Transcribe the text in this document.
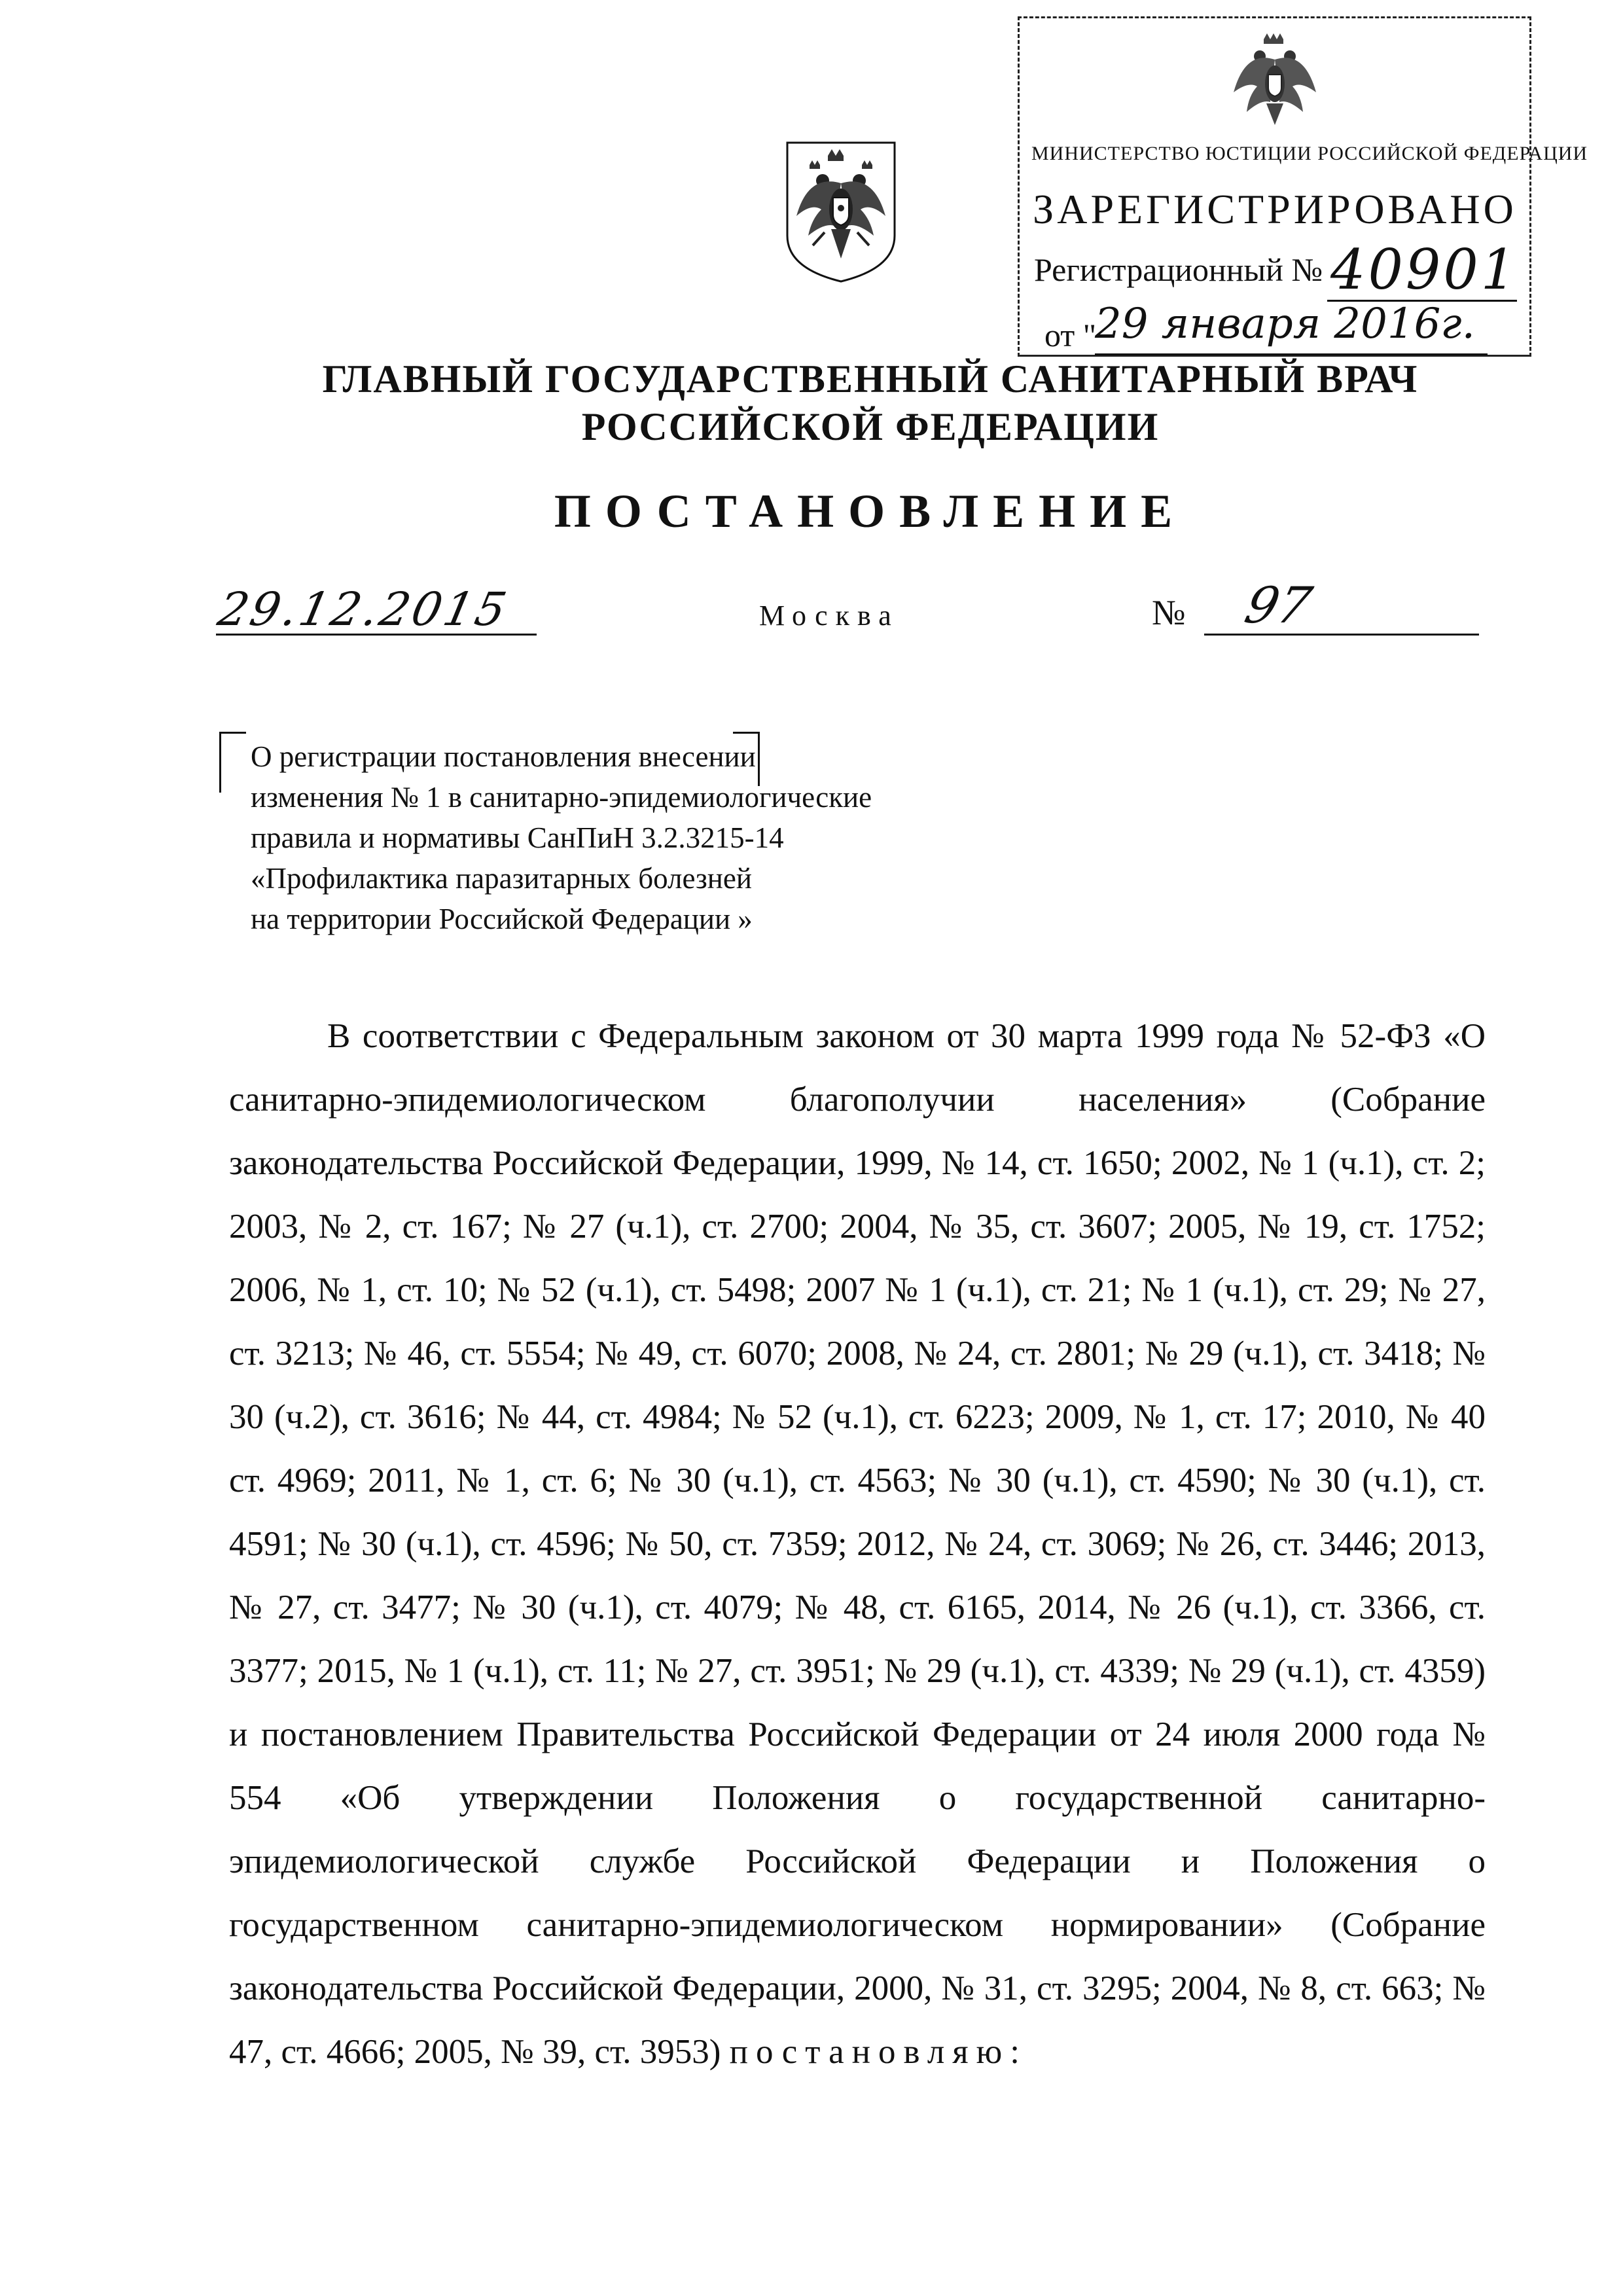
МИНИСТЕРСТВО ЮСТИЦИИ РОССИЙСКОЙ ФЕДЕРАЦИИ
ЗАРЕГИСТРИРОВАНО
Регистрационный № 40901
от "
29 января 2016г.
ГЛАВНЫЙ ГОСУДАРСТВЕННЫЙ САНИТАРНЫЙ ВРАЧ
РОССИЙСКОЙ ФЕДЕРАЦИИ
ПОСТАНОВЛЕНИЕ
29.12.2015	Москва	№ 97
О регистрации постановления внесении
изменения № 1 в санитарно-эпидемиологические
правила и нормативы СанПиН 3.2.3215-14
«Профилактика паразитарных болезней
на территории Российской Федерации »
В соответствии с Федеральным законом от 30 марта 1999 года № 52-ФЗ «О санитарно-эпидемиологическом благополучии населения» (Собрание законодательства Российской Федерации, 1999, № 14, ст. 1650; 2002, № 1 (ч.1), ст. 2; 2003, № 2, ст. 167; № 27 (ч.1), ст. 2700; 2004, № 35, ст. 3607; 2005, № 19, ст. 1752; 2006, № 1, ст. 10; № 52 (ч.1), ст. 5498; 2007 № 1 (ч.1), ст. 21; № 1 (ч.1), ст. 29; № 27, ст. 3213; № 46, ст. 5554; № 49, ст. 6070; 2008, № 24, ст. 2801; № 29 (ч.1), ст. 3418; № 30 (ч.2), ст. 3616; № 44, ст. 4984; № 52 (ч.1), ст. 6223; 2009, № 1, ст. 17; 2010, № 40 ст. 4969; 2011, № 1, ст. 6; № 30 (ч.1), ст. 4563; № 30 (ч.1), ст. 4590; № 30 (ч.1), ст. 4591; № 30 (ч.1), ст. 4596; № 50, ст. 7359; 2012, № 24, ст. 3069; № 26, ст. 3446; 2013, № 27, ст. 3477; № 30 (ч.1), ст. 4079; № 48, ст. 6165, 2014, № 26 (ч.1), ст. 3366, ст. 3377; 2015, № 1 (ч.1), ст. 11; № 27, ст. 3951; № 29 (ч.1), ст. 4339; № 29 (ч.1), ст. 4359) и постановлением Правительства Российской Федерации от 24 июля 2000 года № 554 «Об утверждении Положения о государственной санитарно-эпидемиологической службе Российской Федерации и Положения о государственном санитарно-эпидемиологическом нормировании» (Собрание законодательства Российской Федерации, 2000, № 31, ст. 3295; 2004, № 8, ст. 663; № 47, ст. 4666; 2005, № 39, ст. 3953) постановляю:
